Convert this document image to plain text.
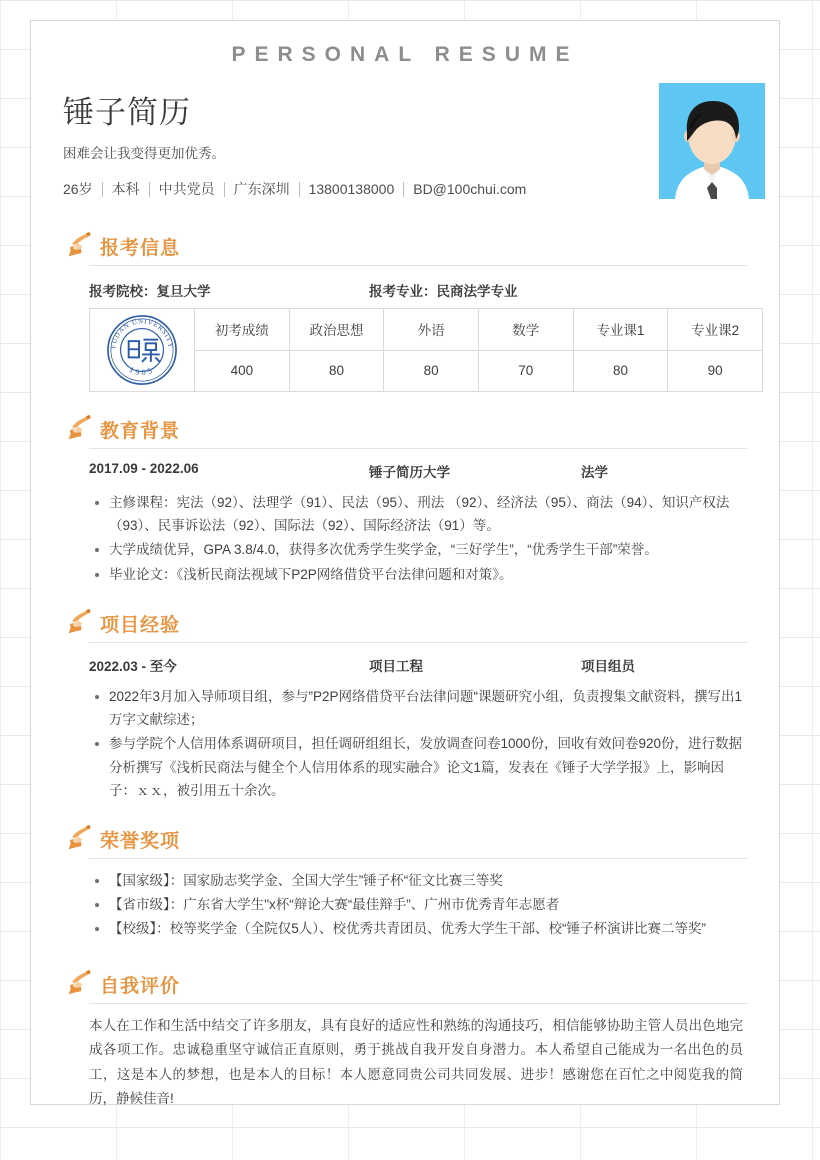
PERSONAL RESUME
锤子简历
困难会让我变得更加优秀。
26岁 本科 中共党员 广东深圳 13800138000 BD@100chui.com
报考信息
报考院校：复旦大学	报考专业：民商法学专业
FUDAN UNIVERSITY
1905	初考成绩	政治思想	外语	数学	专业课1	专业课2
	400	80	80	70	80	90
教育背景
2017.09 - 2022.06	锤子简历大学	法学
主修课程：宪法（92）、法理学（91）、民法（95）、刑法 （92）、经济法（95）、商法（94）、知识产权法（93）、民事诉讼法（92）、国际法（92）、国际经济法（91）等。
大学成绩优异，GPA 3.8/4.0，获得多次优秀学生奖学金，“三好学生”，“优秀学生干部”荣誉。
毕业论文：《浅析民商法视域下P2P网络借贷平台法律问题和对策》。
项目经验
2022.03 - 至今	项目工程	项目组员
2022年3月加入导师项目组，参与”P2P网络借贷平台法律问题“课题研究小组，负责搜集文献资料，撰写出1万字文献综述；
参与学院个人信用体系调研项目，担任调研组组长，发放调查问卷1000份，回收有效问卷920份，进行数据分析撰写《浅析民商法与健全个人信用体系的现实融合》论文1篇，发表在《锤子大学学报》上，影响因子：ｘｘ，被引用五十余次。
荣誉奖项
【国家级】：国家励志奖学金、全国大学生”锤子杯“征文比赛三等奖
【省市级】：广东省大学生"x杯“辩论大赛“最佳辩手”、广州市优秀青年志愿者
【校级】：校等奖学金（全院仅5人）、校优秀共青团员、优秀大学生干部、校“锤子杯演讲比赛二等奖”
自我评价

本人在工作和生活中结交了许多朋友，具有良好的适应性和熟练的沟通技巧，相信能够协助主管人员出色地完成各项工作。忠诚稳重坚守诚信正直原则，勇于挑战自我开发自身潜力。本人希望自己能成为一名出色的员工，这是本人的梦想，也是本人的目标！本人愿意同贵公司共同发展、进步！感谢您在百忙之中阅览我的简历，静候佳音!
